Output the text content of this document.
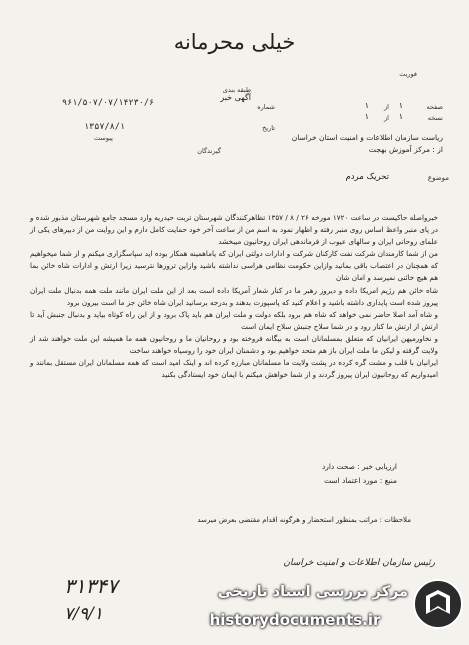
خیلی محرمانه
فوریت
طبقه بندی
آگهی خبر
شماره
۹۶۱/۵۰۷/۰۷/۱۴۲۳۰/۶	صفحه
۱
از
۱
نسخه
۱
از
۱
تاریخ
۱۳۵۷/۸/۱
ریاست سازمان اطلاعات و امنیت استان خراسان
پیوست
از : مرکز آموزش بهجت
گیرندگان
موضوع
تحریک مردم

خبرواصله حاکیست در ساعت ۱۷۲۰ مورخه ۲۶ / ۸ / ۱۳۵۷ تظاهرکنندگان شهرستان تربت حیدریه وارد مسجد جامع شهرستان مذبور شده و در پای منبر واعظ اساس روی منبر رفته و اظهار نمود به اسم من از ساعت آخر خود حمایت کامل دارم و این روایت من از دبیرهای یکی از علمای روحانی ایران و سالهای عیوب از فرماندهی ایران روحانیون میبخشد

من از شما کارمندان شرکت نفت کارکنان شرکت و ادارات دولتی ایران که یاماهمینه همکار بوده اید سپاسگزاری میکنم و از شما میخواهیم که همچنان در اعتصاب باقی بمانید وازاین حکومت نظامی هراسی نداشته باشید وازاین ترورها نترسید زیرا ارتش و ادارات شاه خائن بما هم هیچ خائنی نمیرسد و امان شان

شاه خائن هم رژیم امریکا داده و دیروز رهبر ما در کنار شعار آمریکا داده است بعد از این ملت ایران مانند ملت همه بدنبال ملت ایران پیروز شده است پایداری داشته باشید و اعلام کنید که پاسپورت بدهند و بدرجه برسانید ایران شاه خائن جز ما است بیرون برود

و شاه آمد اصلا حاضر نمی خواهد که شاه هم برود بلکه دولت و ملت ایران هم باید پاک برود و از این راه کوتاه بیاید و بدنبال جنبش آید تا ارتش از ارتش ما کنار رود و در شما سلاح جنبش سلاح ایمان است

و نخاورمیهن ایرانیان که متعلق بمسلمانان است به بیگانه فروخته بود و روحانیان ما و روحانیون همه ما همیشه این ملت خواهند شد از ولایت گرفته و لیکن ما ملت ایران باز هم متحد خواهیم بود و دشمنان ایران خود را روسیاه خواهند ساخت

ایرانیان با قلب و مشت گره کرده در پشت ولایت ما مسلمانان مبارزه کرده اند و اینک امید است که همه مسلمانان ایران مستقل بمانند و امیدواریم که روحانیون ایران پیروز گردند و از شما خواهش میکنم با ایمان خود ایستادگی بکنید

ارزیابی خبر : صحت دارد
منبع : مورد اعتماد است
ملاحظات : مراتب بمنظور استحضار و هرگونه اقدام مقتضی بعرض میرسد
رئیس سازمان اطلاعات و امنیت خراسان
۳۱۳۴۷
۷/۹/۱
مرکز بررسی اسناد تاریخی
historydocuments.ir
